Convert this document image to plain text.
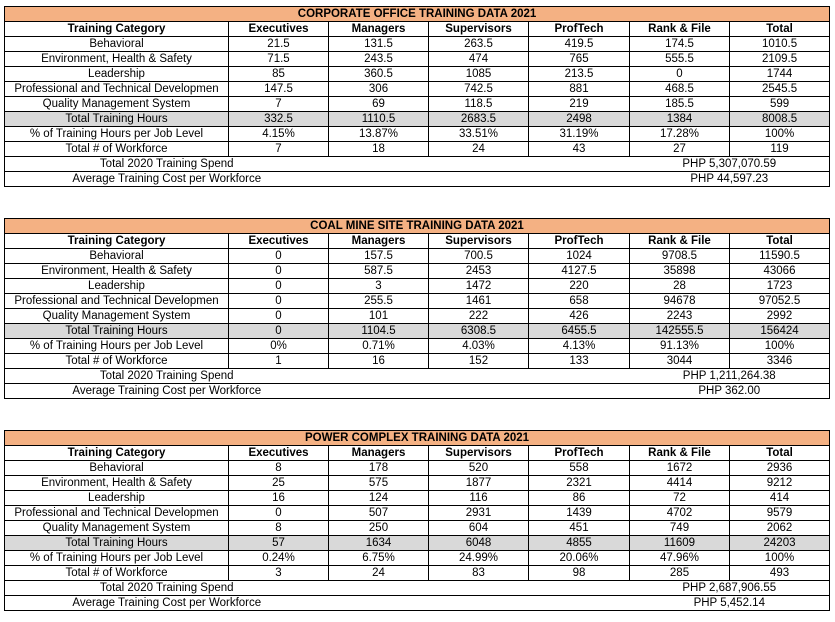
CORPORATE OFFICE TRAINING DATA 2021						
Training Category	Executives	Managers	Supervisors	ProfTech	Rank & File	Total
Behavioral	21.5	131.5	263.5	419.5	174.5	1010.5
Environment, Health & Safety	71.5	243.5	474	765	555.5	2109.5
Leadership	85	360.5	1085	213.5	0	1744
Professional and Technical Developmen	147.5	306	742.5	881	468.5	2545.5
Quality Management System	7	69	118.5	219	185.5	599
Total Training Hours	332.5	1110.5	2683.5	2498	1384	8008.5
% of Training Hours per Job Level	4.15%	13.87%	33.51%	31.19%	17.28%	100%
Total # of Workforce	7	18	24	43	27	119
Total 2020 Training Spend					PHP 5,307,070.59	
Average Training Cost per Workforce					PHP 44,597.23	
COAL MINE SITE TRAINING DATA 2021						
Training Category	Executives	Managers	Supervisors	ProfTech	Rank & File	Total
Behavioral	0	157.5	700.5	1024	9708.5	11590.5
Environment, Health & Safety	0	587.5	2453	4127.5	35898	43066
Leadership	0	3	1472	220	28	1723
Professional and Technical Developmen	0	255.5	1461	658	94678	97052.5
Quality Management System	0	101	222	426	2243	2992
Total Training Hours	0	1104.5	6308.5	6455.5	142555.5	156424
% of Training Hours per Job Level	0%	0.71%	4.03%	4.13%	91.13%	100%
Total # of Workforce	1	16	152	133	3044	3346
Total 2020 Training Spend					PHP 1,211,264.38	
Average Training Cost per Workforce					PHP 362.00	
POWER COMPLEX TRAINING DATA 2021						
Training Category	Executives	Managers	Supervisors	ProfTech	Rank & File	Total
Behavioral	8	178	520	558	1672	2936
Environment, Health & Safety	25	575	1877	2321	4414	9212
Leadership	16	124	116	86	72	414
Professional and Technical Developmen	0	507	2931	1439	4702	9579
Quality Management System	8	250	604	451	749	2062
Total Training Hours	57	1634	6048	4855	11609	24203
% of Training Hours per Job Level	0.24%	6.75%	24.99%	20.06%	47.96%	100%
Total # of Workforce	3	24	83	98	285	493
Total 2020 Training Spend					PHP 2,687,906.55	
Average Training Cost per Workforce					PHP 5,452.14	
